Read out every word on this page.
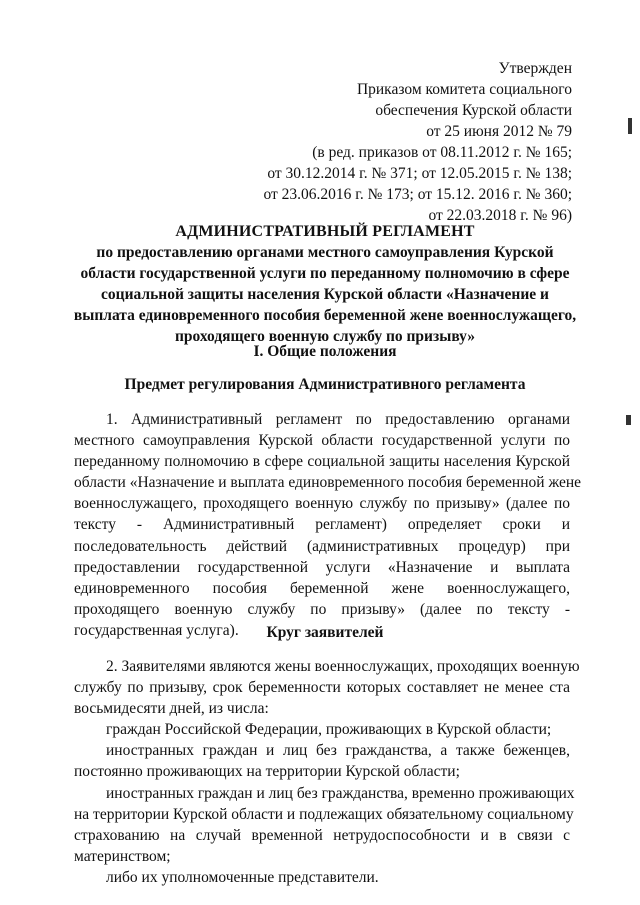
Утвержден
Приказом комитета социального
обеспечения Курской области
от 25 июня 2012 № 79
(в ред. приказов от 08.11.2012 г. № 165;
от 30.12.2014 г. № 371; от 12.05.2015 г. № 138;
от 23.06.2016 г. № 173; от 15.12. 2016 г. № 360;
от 22.03.2018 г. № 96)
АДМИНИСТРАТИВНЫЙ РЕГЛАМЕНТ
по предоставлению органами местного самоуправления Курской
области государственной услуги по переданному полномочию в сфере
социальной защиты населения Курской области «Назначение и
выплата единовременного пособия беременной жене военнослужащего,
проходящего военную службу по призыву»
I. Общие положения
Предмет регулирования Административного регламента
1. Административный регламент по предоставлению органами
местного самоуправления Курской области государственной услуги по
переданному полномочию в сфере социальной защиты населения Курской
области «Назначение и выплата единовременного пособия беременной жене
военнослужащего, проходящего военную службу по призыву» (далее по
тексту - Административный регламент) определяет сроки и
последовательность действий (административных процедур) при
предоставлении государственной услуги «Назначение и выплата
единовременного пособия беременной жене военнослужащего,
проходящего военную службу по призыву» (далее по тексту -
государственная услуга).	Круг заявителей
2. Заявителями являются жены военнослужащих, проходящих военную
службу по призыву, срок беременности которых составляет не менее ста
восьмидесяти дней, из числа:
граждан Российской Федерации, проживающих в Курской области;
иностранных граждан и лиц без гражданства, а также беженцев,
постоянно проживающих на территории Курской области;
иностранных граждан и лиц без гражданства, временно проживающих
на территории Курской области и подлежащих обязательному социальному
страхованию на случай временной нетрудоспособности и в связи с
материнством;
либо их уполномоченные представители.
